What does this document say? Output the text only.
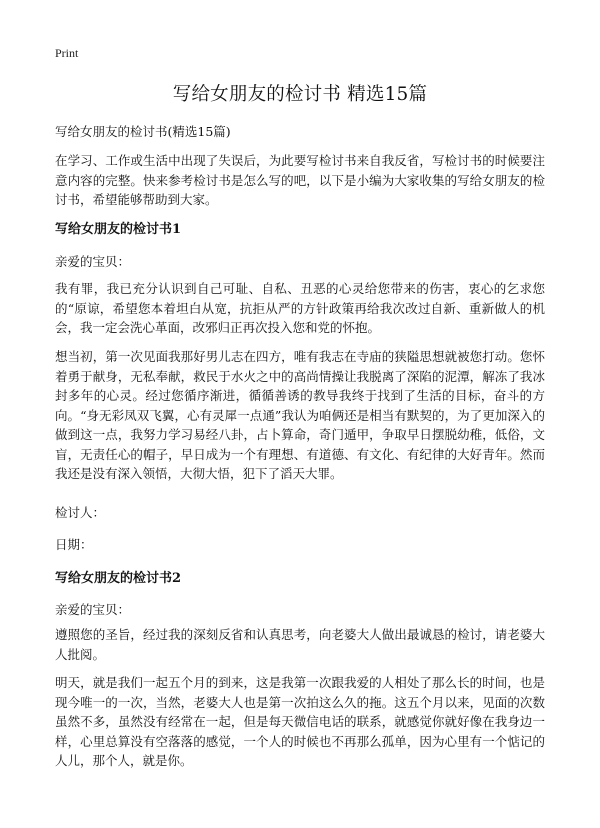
Print
写给女朋友的检讨书 精选15篇

写给女朋友的检讨书(精选15篇)

在学习、工作或生活中出现了失误后，为此要写检讨书来自我反省，写检讨书的时候要注意内容的完整。快来参考检讨书是怎么写的吧，以下是小编为大家收集的写给女朋友的检讨书，希望能够帮助到大家。

写给女朋友的检讨书1

亲爱的宝贝：

我有罪，我已充分认识到自己可耻、自私、丑恶的心灵给您带来的伤害，衷心的乞求您的“原谅，希望您本着坦白从宽，抗拒从严的方针政策再给我次改过自新、重新做人的机会，我一定会洗心革面，改邪归正再次投入您和党的怀抱。

想当初，第一次见面我那好男儿志在四方，唯有我志在寺庙的狭隘思想就被您打动。您怀着勇于献身，无私奉献，救民于水火之中的高尚情操让我脱离了深陷的泥潭，解冻了我冰封多年的心灵。经过您循序渐进，循循善诱的教导我终于找到了生活的目标，奋斗的方向。“身无彩凤双飞翼，心有灵犀一点通”我认为咱俩还是相当有默契的，为了更加深入的做到这一点，我努力学习易经八卦，占卜算命，奇门遁甲，争取早日摆脱幼稚，低俗，文盲，无责任心的帽子，早日成为一个有理想、有道德、有文化、有纪律的大好青年。然而我还是没有深入领悟，大彻大悟，犯下了滔天大罪。

检讨人：

日期：

写给女朋友的检讨书2

亲爱的宝贝：

遵照您的圣旨，经过我的深刻反省和认真思考，向老婆大人做出最诚恳的检讨，请老婆大人批阅。

明天，就是我们一起五个月的到来，这是我第一次跟我爱的人相处了那么长的时间，也是现今唯一的一次，当然，老婆大人也是第一次拍这么久的拖。这五个月以来，见面的次数虽然不多，虽然没有经常在一起，但是每天微信电话的联系，就感觉你就好像在我身边一样，心里总算没有空落落的感觉，一个人的时候也不再那么孤单，因为心里有一个惦记的人儿，那个人，就是你。
